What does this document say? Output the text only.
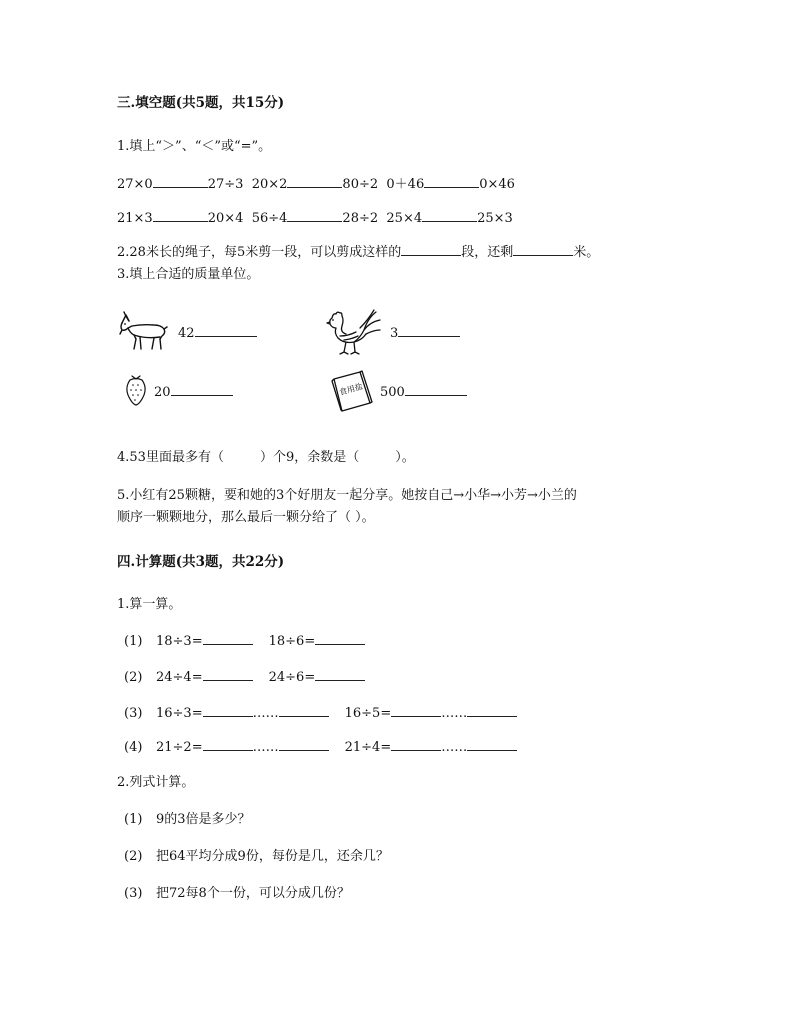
三.填空题(共5题，共15分)
1.填上“＞”、“＜”或“=”。
27×0	27÷3 20×2	80÷2 0＋46	0×46
21×3	20×4 56÷4	28÷2 25×4	25×3
2.28米长的绳子，每5米剪一段，可以剪成这样的	段，还剩	米。
3.填上合适的质量单位。
42	3
20	食用盐 500
4.53里面最多有（	）个9，余数是（	）。
5.小红有25颗糖，要和她的3个好朋友一起分享。她按自己→小华→小芳→小兰的
顺序一颗颗地分，那么最后一颗分给了（ ）。
四.计算题(共3题，共22分)
1.算一算。
(1) 18÷3=	18÷6=
(2) 24÷4=	24÷6=
(3) 16÷3=	……	16÷5=	……
(4) 21÷2=	……	21÷4=	……
2.列式计算。
(1) 9的3倍是多少？
(2) 把64平均分成9份，每份是几，还余几？
(3) 把72每8个一份，可以分成几份？
